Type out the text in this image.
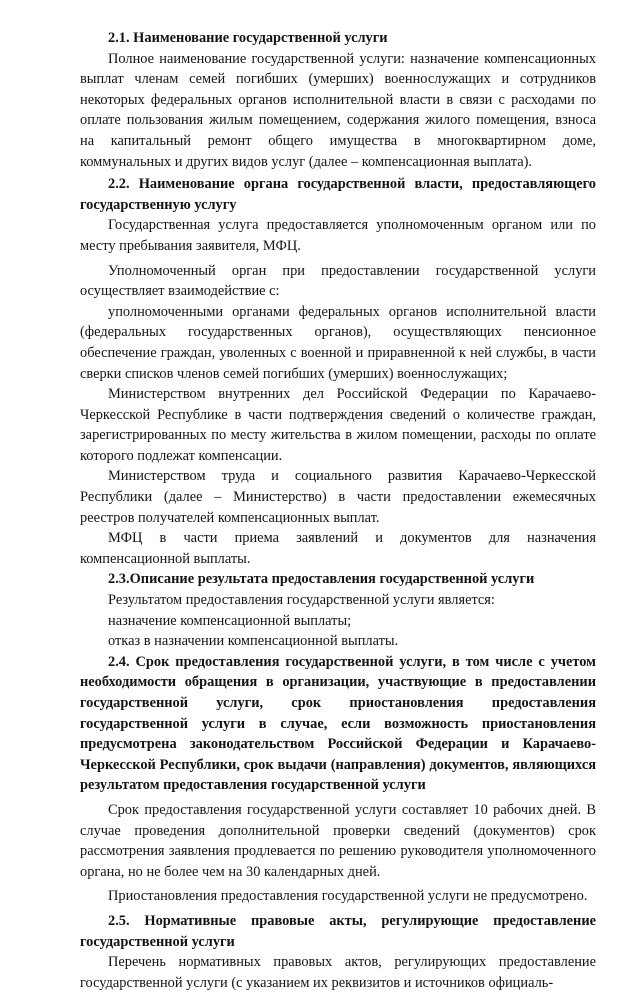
2.1. Наименование государственной услуги

Полное наименование государственной услуги: назначение компенсационных выплат членам семей погибших (умерших) военнослужащих и сотрудников некоторых федеральных органов исполнительной власти в связи с расходами по оплате пользования жилым помещением, содержания жилого помещения, взноса на капитальный ремонт общего имущества в многоквартирном доме, коммунальных и других видов услуг (далее – компенсационная выплата).

2.2. Наименование органа государственной власти, предоставляющего государственную услугу

Государственная услуга предоставляется уполномоченным органом или по месту пребывания заявителя, МФЦ.

Уполномоченный орган при предоставлении государственной услуги осуществляет взаимодействие с:

уполномоченными органами федеральных органов исполнительной власти (федеральных государственных органов), осуществляющих пенсионное обеспечение граждан, уволенных с военной и приравненной к ней службы, в части сверки списков членов семей погибших (умерших) военнослужащих;

Министерством внутренних дел Российской Федерации по Карачаево-Черкесской Республике в части подтверждения сведений о количестве граждан, зарегистрированных по месту жительства в жилом помещении, расходы по оплате которого подлежат компенсации.

Министерством труда и социального развития Карачаево-Черкесской Республики (далее – Министерство) в части предоставлении ежемесячных реестров получателей компенсационных выплат.

МФЦ в части приема заявлений и документов для назначения компенсационной выплаты.

2.3.Описание результата предоставления государственной услуги

Результатом предоставления государственной услуги является:

назначение компенсационной выплаты;

отказ в назначении компенсационной выплаты.

2.4. Срок предоставления государственной услуги, в том числе с учетом необходимости обращения в организации, участвующие в предоставлении государственной услуги, срок приостановления предоставления государственной услуги в случае, если возможность приостановления предусмотрена законодательством Российской Федерации и Карачаево-Черкесской Республики, срок выдачи (направления) документов, являющихся результатом предоставления государственной услуги

Срок предоставления государственной услуги составляет 10 рабочих дней. В случае проведения дополнительной проверки сведений (документов) срок рассмотрения заявления продлевается по решению руководителя уполномоченного органа, но не более чем на 30 календарных дней.

Приостановления предоставления государственной услуги не предусмотрено.

2.5. Нормативные правовые акты, регулирующие предоставление государственной услуги

Перечень нормативных правовых актов, регулирующих предоставление государственной услуги (с указанием их реквизитов и источников официаль-
